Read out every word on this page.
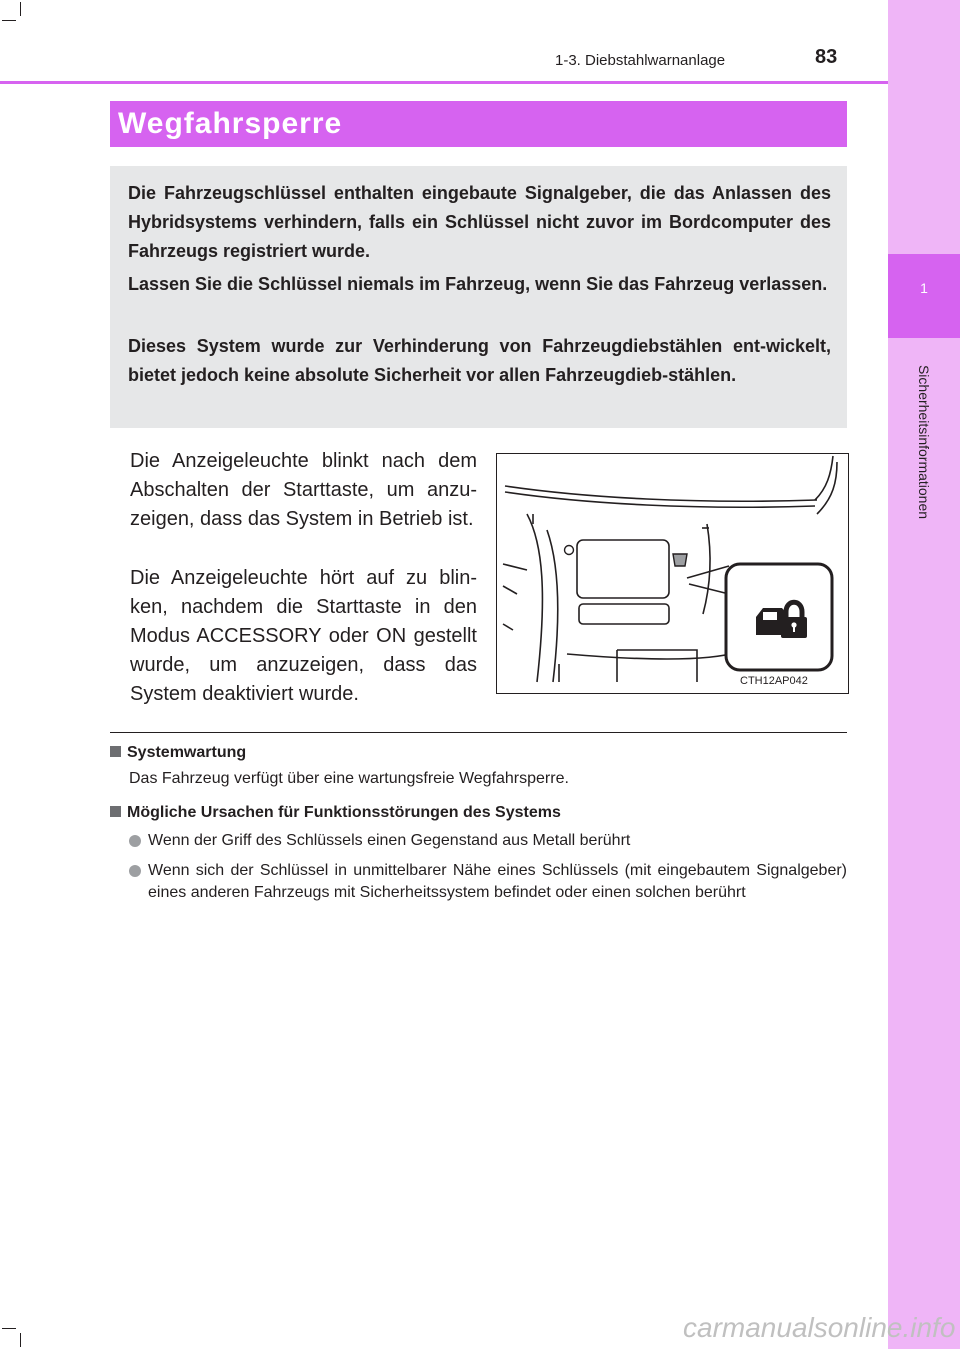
1
Sicherheitsinformationen
1-3. Diebstahlwarnanlage	83
Wegfahrsperre

Die Fahrzeugschlüssel enthalten eingebaute Signalgeber, die das Anlassen des Hybridsystems verhindern, falls ein Schlüssel nicht zuvor im Bordcomputer des Fahrzeugs registriert wurde.

Lassen Sie die Schlüssel niemals im Fahrzeug, wenn Sie das Fahrzeug verlassen.

Dieses System wurde zur Verhinderung von Fahrzeugdiebstählen ent-wickelt, bietet jedoch keine absolute Sicherheit vor allen Fahrzeugdieb-stählen.

Die Anzeigeleuchte blinkt nach dem Abschalten der Starttaste, um anzu-zeigen, dass das System in Betrieb ist.

Die Anzeigeleuchte hört auf zu blin-ken, nachdem die Starttaste in den Modus ACCESSORY oder ON gestellt wurde, um anzuzeigen, dass das System deaktiviert wurde.

CTH12AP042
Systemwartung
Das Fahrzeug verfügt über eine wartungsfreie Wegfahrsperre.
Mögliche Ursachen für Funktionsstörungen des Systems
Wenn der Griff des Schlüssels einen Gegenstand aus Metall berührt
Wenn sich der Schlüssel in unmittelbarer Nähe eines Schlüssels (mit eingebautem Signalgeber) eines anderen Fahrzeugs mit Sicherheitssystem befindet oder einen solchen berührt
carmanualsonline.info
